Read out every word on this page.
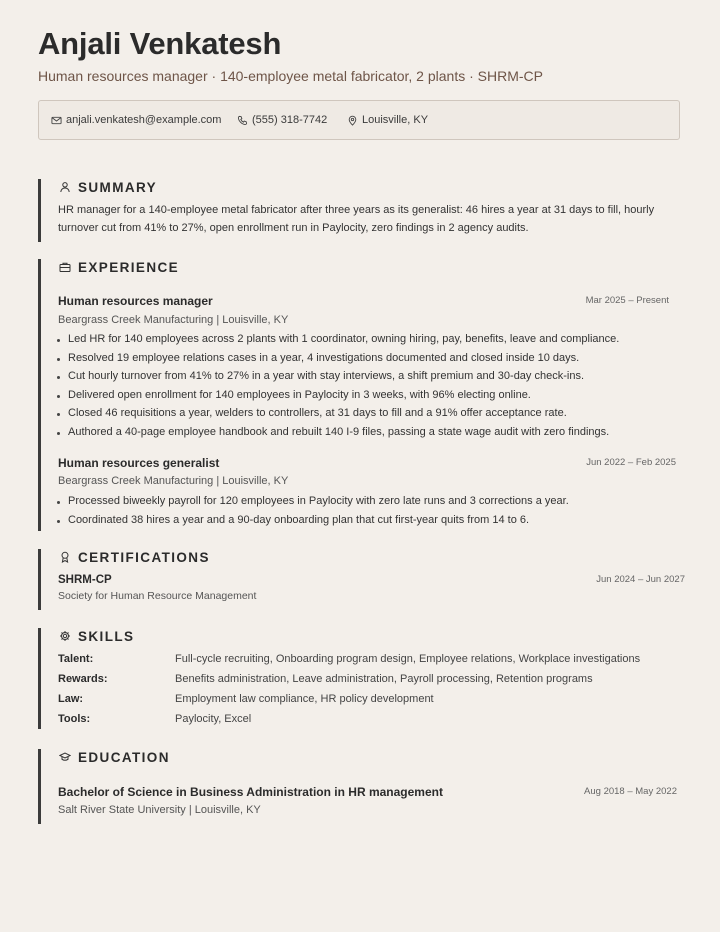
Anjali Venkatesh
Human resources manager · 140-employee metal fabricator, 2 plants · SHRM-CP
anjali.venkatesh@example.com	(555) 318-7742	Louisville, KY
SUMMARY
HR manager for a 140-employee metal fabricator after three years as its generalist: 46 hires a year at 31 days to fill, hourly turnover cut from 41% to 27%, open enrollment run in Paylocity, zero findings in 2 agency audits.
EXPERIENCE
Human resources manager	Mar 2025 – Present
Beargrass Creek Manufacturing | Louisville, KY
Led HR for 140 employees across 2 plants with 1 coordinator, owning hiring, pay, benefits, leave and compliance.
Resolved 19 employee relations cases in a year, 4 investigations documented and closed inside 10 days.
Cut hourly turnover from 41% to 27% in a year with stay interviews, a shift premium and 30-day check-ins.
Delivered open enrollment for 140 employees in Paylocity in 3 weeks, with 96% electing online.
Closed 46 requisitions a year, welders to controllers, at 31 days to fill and a 91% offer acceptance rate.
Authored a 40-page employee handbook and rebuilt 140 I-9 files, passing a state wage audit with zero findings.
Human resources generalist	Jun 2022 – Feb 2025
Beargrass Creek Manufacturing | Louisville, KY
Processed biweekly payroll for 120 employees in Paylocity with zero late runs and 3 corrections a year.
Coordinated 38 hires a year and a 90-day onboarding plan that cut first-year quits from 14 to 6.
CERTIFICATIONS
SHRM-CP	Jun 2024 – Jun 2027
Society for Human Resource Management
SKILLS
Talent:	Full-cycle recruiting, Onboarding program design, Employee relations, Workplace investigations
Rewards:	Benefits administration, Leave administration, Payroll processing, Retention programs
Law:	Employment law compliance, HR policy development
Tools:	Paylocity, Excel
EDUCATION
Bachelor of Science in Business Administration in HR management	Aug 2018 – May 2022
Salt River State University | Louisville, KY
